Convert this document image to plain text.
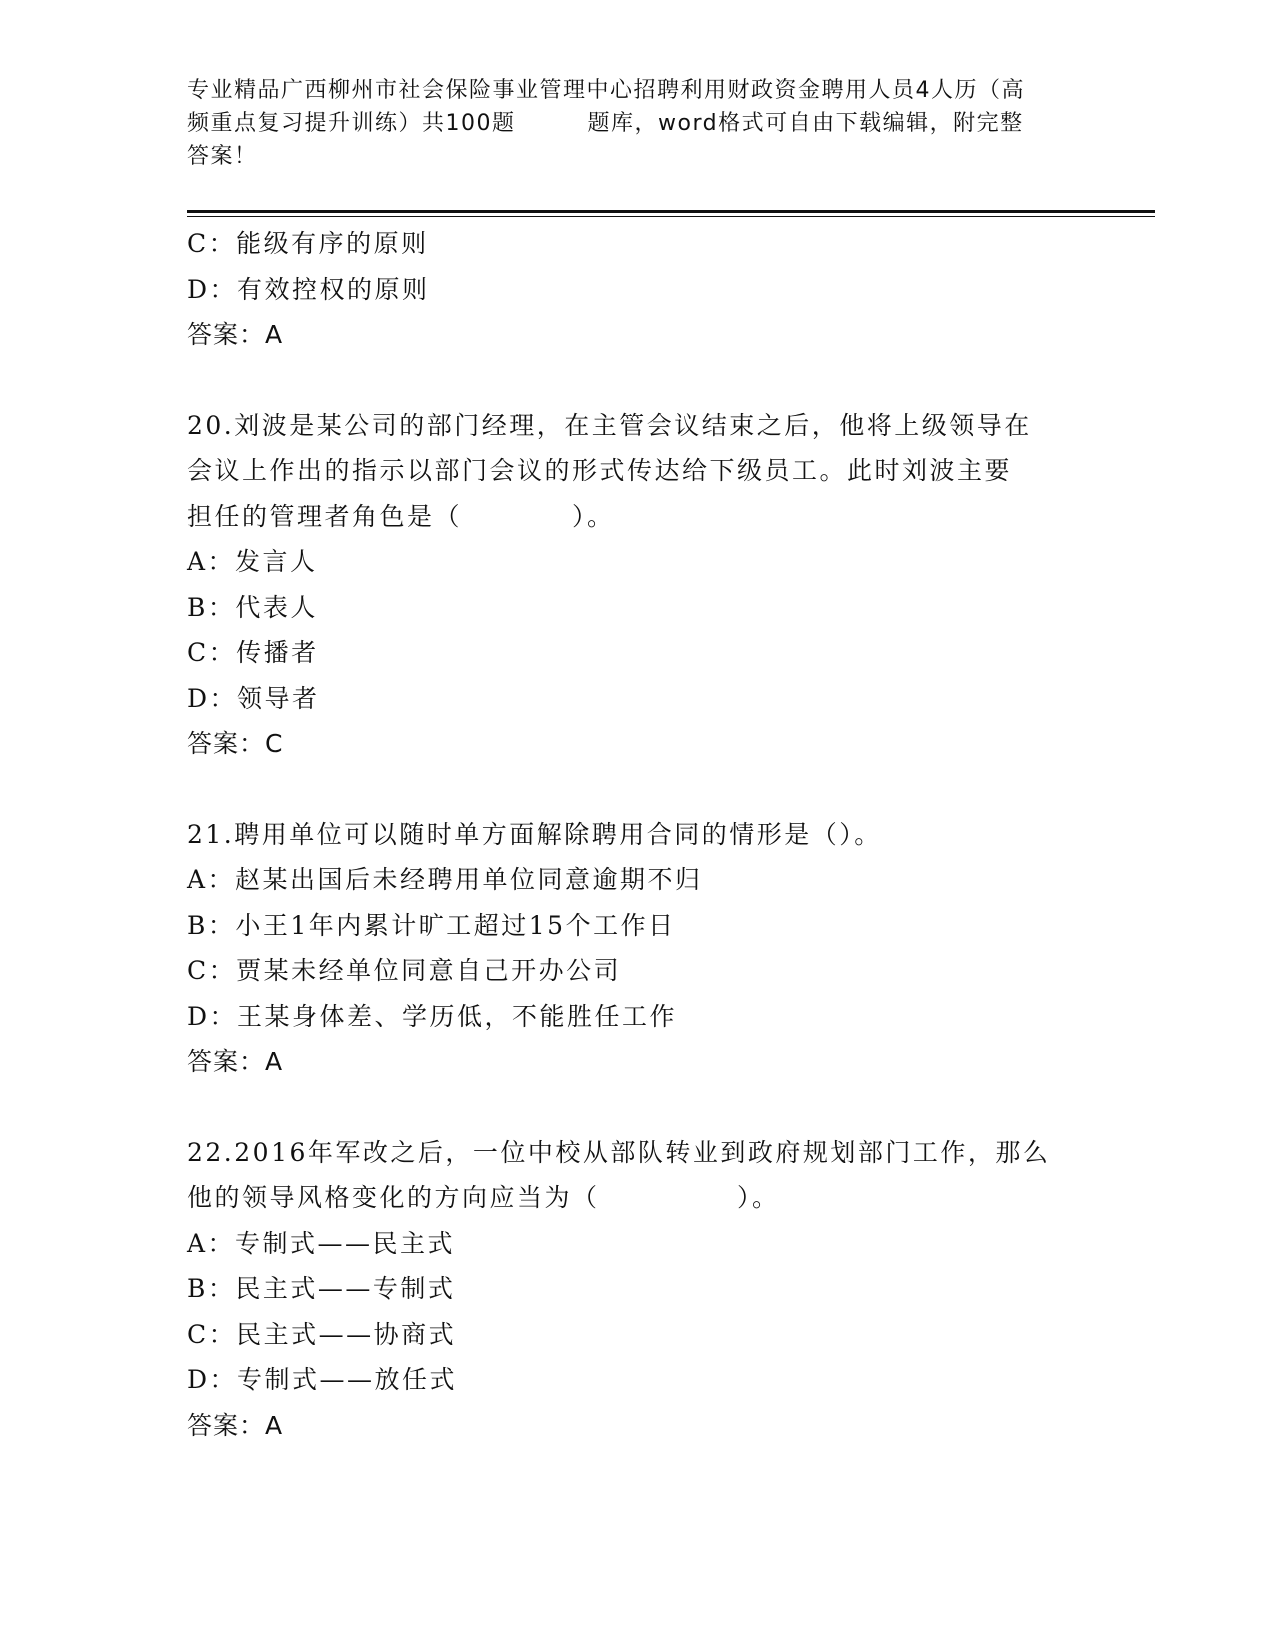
专业精品广西柳州市社会保险事业管理中心招聘利用财政资金聘用人员4人历（高
频重点复习提升训练）共100题	题库，word格式可自由下载编辑，附完整
答案！
C：能级有序的原则
D：有效控权的原则
答案：A
20.刘波是某公司的部门经理，在主管会议结束之后，他将上级领导在
会议上作出的指示以部门会议的形式传达给下级员工。此时刘波主要
担任的管理者角色是（　　　　）。
A：发言人
B：代表人
C：传播者
D：领导者
答案：C
21.聘用单位可以随时单方面解除聘用合同的情形是（）。
A：赵某出国后未经聘用单位同意逾期不归
B：小王1年内累计旷工超过15个工作日
C：贾某未经单位同意自己开办公司
D：王某身体差、学历低，不能胜任工作
答案：A
22.2016年军改之后，一位中校从部队转业到政府规划部门工作，那么
他的领导风格变化的方向应当为（　　　　　）。
A：专制式——民主式
B：民主式——专制式
C：民主式——协商式
D：专制式——放任式
答案：A
